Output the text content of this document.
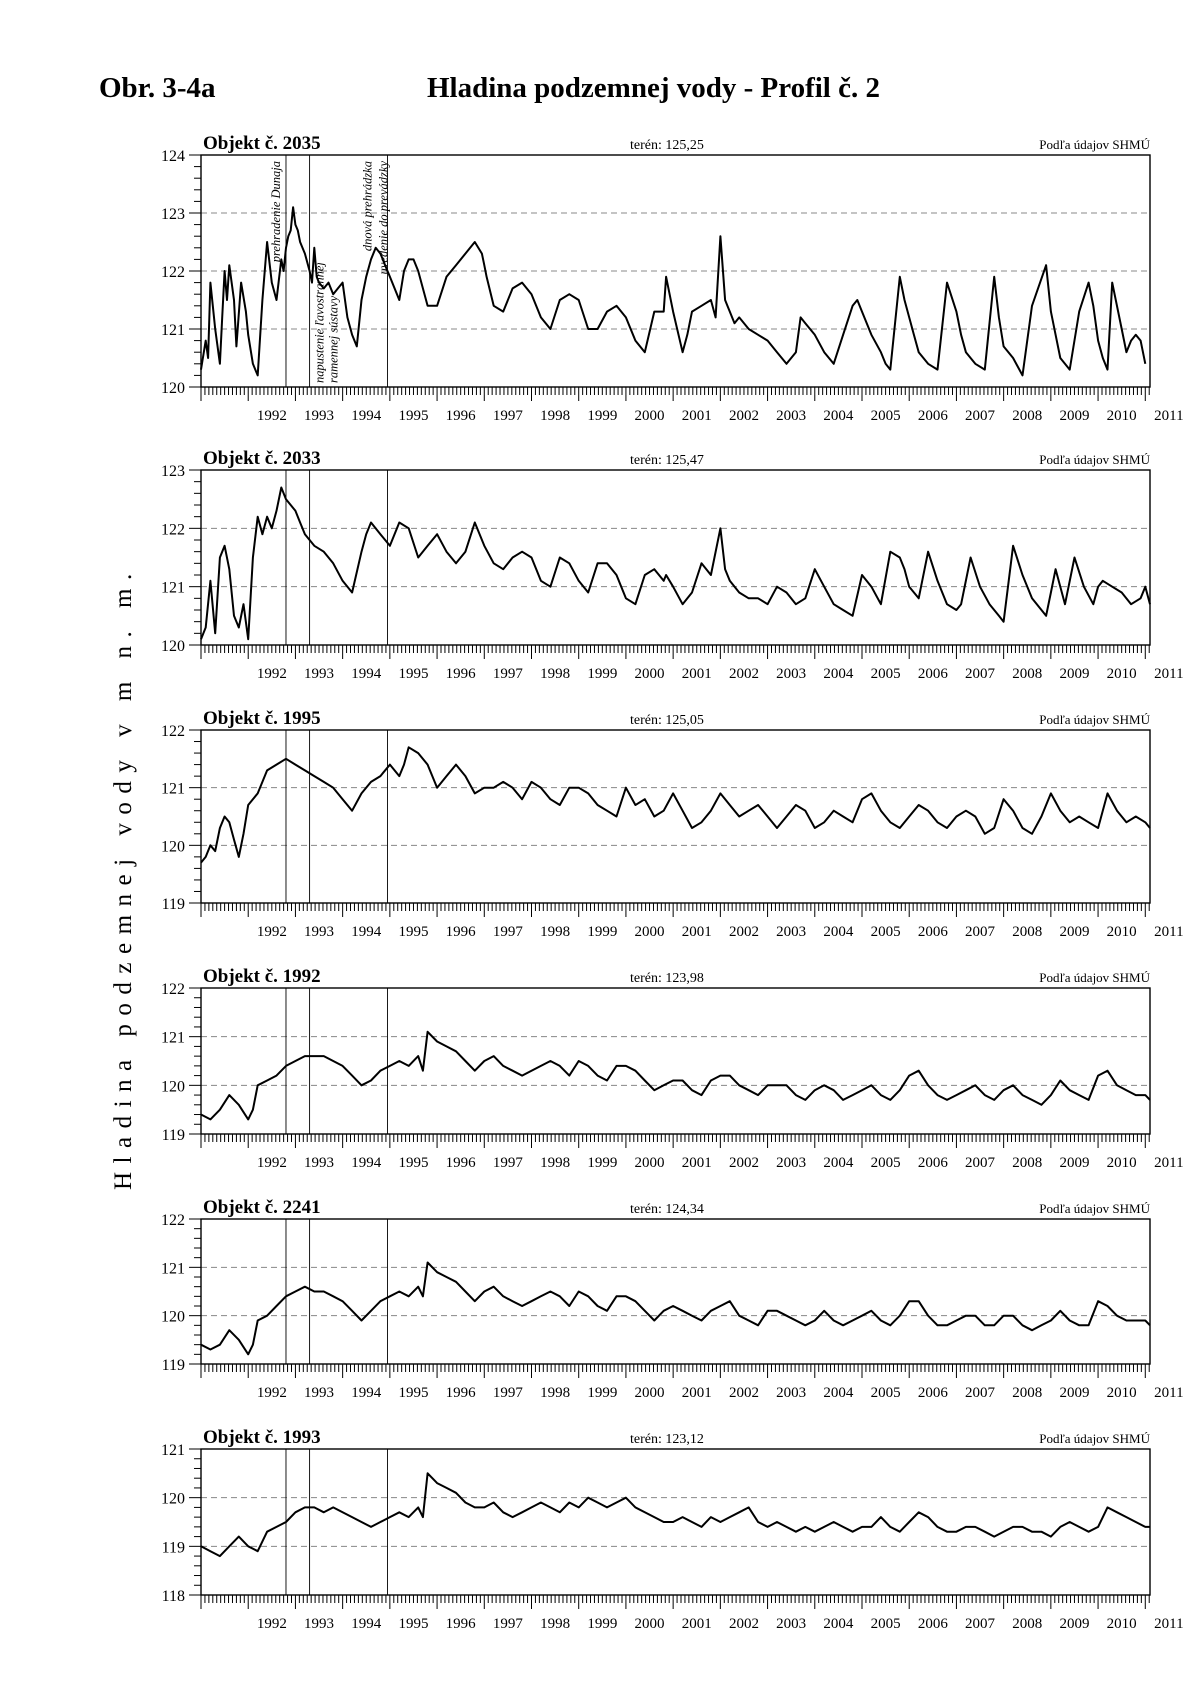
Obr. 3-4a	Hladina podzemnej vody - Profil č. 2
Hladina podzemnej vody v m n. m.
120
121
122
123
124
1992 1993 1994 1995 1996 1997 1998 1999 2000 2001 2002 2003 2004 2005 2006 2007 2008 2009 2010 2011
Objekt č. 2035	terén: 125,25	Podľa údajov SHMÚ
prehradenie Dunaja
napustenie ľavostrannej ramennej sústavy
dnová prehrádzka uvedenie do prevádzky
120
121
122
123
1992 1993 1994 1995 1996 1997 1998 1999 2000 2001 2002 2003 2004 2005 2006 2007 2008 2009 2010 2011
Objekt č. 2033	terén: 125,47	Podľa údajov SHMÚ
119
120
121
122
1992 1993 1994 1995 1996 1997 1998 1999 2000 2001 2002 2003 2004 2005 2006 2007 2008 2009 2010 2011
Objekt č. 1995	terén: 125,05	Podľa údajov SHMÚ
119
120
121
122
1992 1993 1994 1995 1996 1997 1998 1999 2000 2001 2002 2003 2004 2005 2006 2007 2008 2009 2010 2011
Objekt č. 1992	terén: 123,98	Podľa údajov SHMÚ
119
120
121
122
1992 1993 1994 1995 1996 1997 1998 1999 2000 2001 2002 2003 2004 2005 2006 2007 2008 2009 2010 2011
Objekt č. 2241	terén: 124,34	Podľa údajov SHMÚ
118
119
120
121
1992 1993 1994 1995 1996 1997 1998 1999 2000 2001 2002 2003 2004 2005 2006 2007 2008 2009 2010 2011
Objekt č. 1993	terén: 123,12	Podľa údajov SHMÚ
